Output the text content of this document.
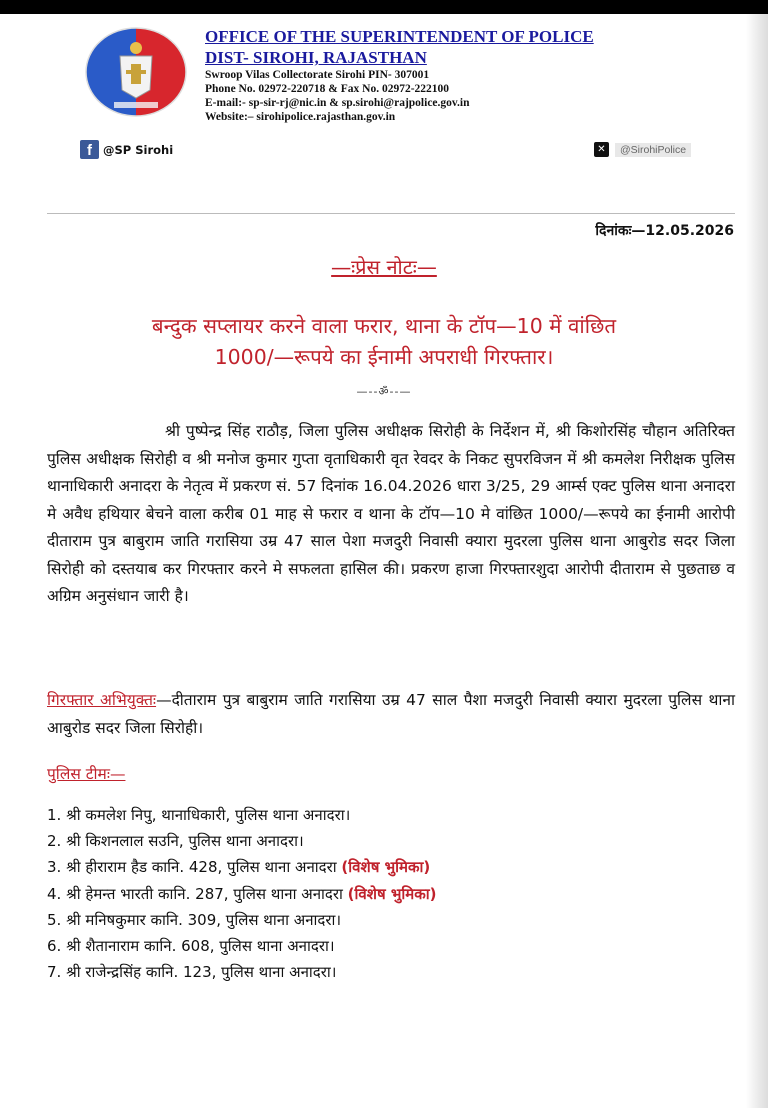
OFFICE OF THE SUPERINTENDENT OF POLICE
DIST- SIROHI, RAJASTHAN
Swroop Vilas Collectorate Sirohi PIN- 307001
Phone No. 02972-220718 & Fax No. 02972-222100
E-mail:- sp-sir-rj@nic.in & sp.sirohi@rajpolice.gov.in
Website:– sirohipolice.rajasthan.gov.in
f @SP Sirohi	✕	@SirohiPolice
दिनांकः—12.05.2026
—ःप्रेस नोटः—
बन्दुक सप्लायर करने वाला फरार, थाना के टॉप—10 में वांछित
1000/—रूपये का ईनामी अपराधी गिरफ्तार।
—--ॐ--—
श्री पुष्पेन्द्र सिंह राठौड़, जिला पुलिस अधीक्षक सिरोही के निर्देशन में, श्री किशोरसिंह चौहान अतिरिक्त पुलिस अधीक्षक सिरोही व श्री मनोज कुमार गुप्ता वृताधिकारी वृत रेवदर के निकट सुपरविजन में श्री कमलेश निरीक्षक पुलिस थानाधिकारी अनादरा के नेतृत्व में प्रकरण सं. 57 दिनांक 16.04.2026 धारा 3/25, 29 आर्म्स एक्ट पुलिस थाना अनादरा मे अवैध हथियार बेचने वाला करीब 01 माह से फरार व थाना के टॉप—10 मे वांछित 1000/—रूपये का ईनामी आरोपी दीताराम पुत्र बाबुराम जाति गरासिया उम्र 47 साल पेशा मजदुरी निवासी क्यारा मुदरला पुलिस थाना आबुरोड सदर जिला सिरोही को दस्तयाब कर गिरफ्तार करने मे सफलता हासिल की। प्रकरण हाजा गिरफ्तारशुदा आरोपी दीताराम से पुछताछ व अग्रिम अनुसंधान जारी है।
गिरफ्तार अभियुक्तः—दीताराम पुत्र बाबुराम जाति गरासिया उम्र 47 साल पैशा मजदुरी निवासी क्यारा मुदरला पुलिस थाना आबुरोड सदर जिला सिरोही।
पुलिस टीमः—
1. श्री कमलेश निपु, थानाधिकारी, पुलिस थाना अनादरा।
2. श्री किशनलाल सउनि, पुलिस थाना अनादरा।
3. श्री हीराराम हैड कानि. 428, पुलिस थाना अनादरा (विशेष भुमिका)
4. श्री हेमन्त भारती कानि. 287, पुलिस थाना अनादरा (विशेष भुमिका)
5. श्री मनिषकुमार कानि. 309, पुलिस थाना अनादरा।
6. श्री शैतानाराम कानि. 608, पुलिस थाना अनादरा।
7. श्री राजेन्द्रसिंह कानि. 123, पुलिस थाना अनादरा।
